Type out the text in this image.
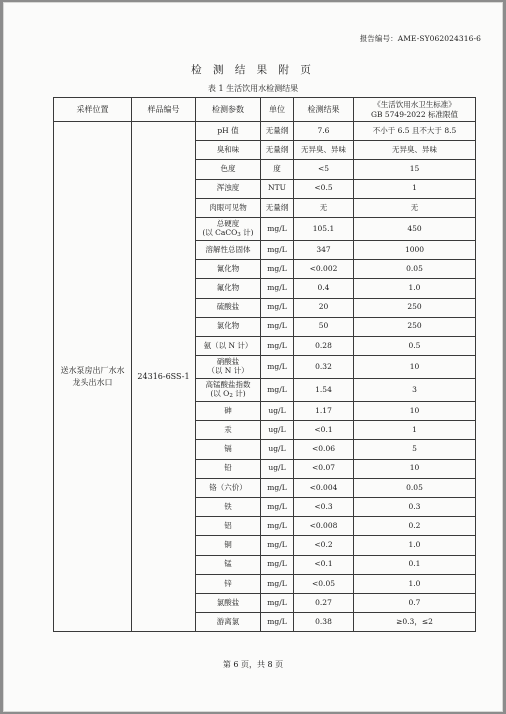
报告编号：AME-SY062024316-6
检 测 结 果 附 页
表 1 生活饮用水检测结果
采样位置	样品编号	检测参数	单位	检测结果	《生活饮用水卫生标准》
GB 5749-2022 标准限值

送水泵房出厂水水龙头出水口	24316-6SS-1	pH 值	无量纲	7.6	不小于 6.5 且不大于 8.5

		臭和味	无量纲	无异臭、异味	无异臭、异味

		色度	度	<5	15

		浑浊度	NTU	<0.5	1

		肉眼可见物	无量纲	无	无

		总硬度
(以 CaCO3 计)	mg/L	105.1	450

		溶解性总固体	mg/L	347	1000

		氰化物	mg/L	<0.002	0.05

		氟化物	mg/L	0.4	1.0

		硫酸盐	mg/L	20	250

		氯化物	mg/L	50	250

		氨（以 N 计）	mg/L	0.28	0.5

		硝酸盐
（以 N 计）	mg/L	0.32	10

		高锰酸盐指数
(以 O2 计)	mg/L	1.54	3

		砷	ug/L	1.17	10

		汞	ug/L	<0.1	1

		镉	ug/L	<0.06	5

		铅	ug/L	<0.07	10

		铬（六价）	mg/L	<0.004	0.05

		铁	mg/L	<0.3	0.3

		铝	mg/L	<0.008	0.2

		铜	mg/L	<0.2	1.0

		锰	mg/L	<0.1	0.1

		锌	mg/L	<0.05	1.0

		氯酸盐	mg/L	0.27	0.7

		游离氯	mg/L	0.38	≥0.3，≤2
第 6 页，共 8 页
